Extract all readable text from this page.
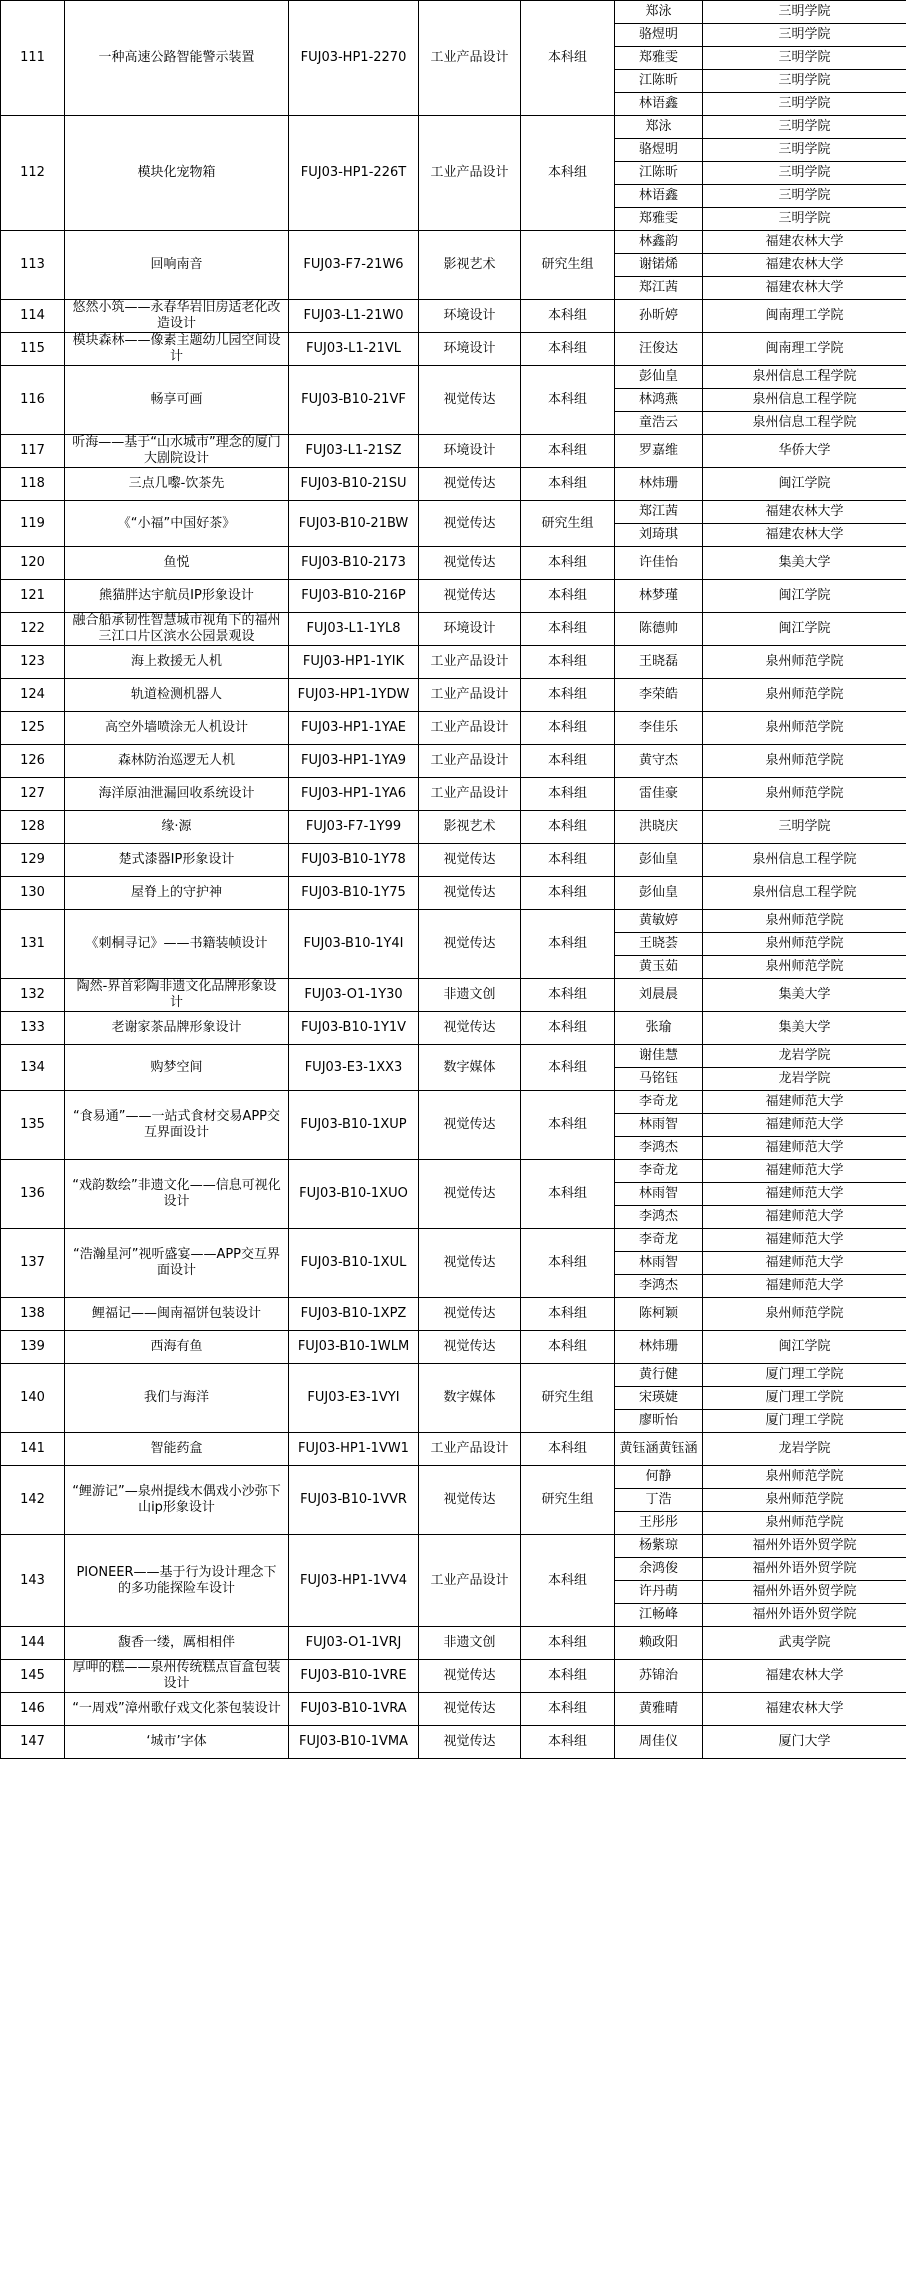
111	一种高速公路智能警示装置	FUJ03-HP1-2270	工业产品设计	本科组	郑泳	三明学院
					骆煜明	三明学院
					郑雅雯	三明学院
					江陈昕	三明学院
					林语鑫	三明学院
112	模块化宠物箱	FUJ03-HP1-226T	工业产品设计	本科组	郑泳	三明学院
					骆煜明	三明学院
					江陈昕	三明学院
					林语鑫	三明学院
					郑雅雯	三明学院
113	回响南音	FUJ03-F7-21W6	影视艺术	研究生组	林鑫韵	福建农林大学
					谢锘烯	福建农林大学
					郑江茜	福建农林大学
114	悠然小筑——永春华岩旧房适老化改造设计	FUJ03-L1-21W0	环境设计	本科组	孙昕婷	闽南理工学院
115	模块森林——像素主题幼儿园空间设计	FUJ03-L1-21VL	环境设计	本科组	汪俊达	闽南理工学院
116	畅享可画	FUJ03-B10-21VF	视觉传达	本科组	彭仙皇	泉州信息工程学院
					林鸿燕	泉州信息工程学院
					童浩云	泉州信息工程学院
117	听海——基于“山水城市”理念的厦门大剧院设计	FUJ03-L1-21SZ	环境设计	本科组	罗嘉维	华侨大学
118	三点几嚟-饮茶先	FUJ03-B10-21SU	视觉传达	本科组	林炜珊	闽江学院
119	《“小福”中国好茶》	FUJ03-B10-21BW	视觉传达	研究生组	郑江茜	福建农林大学
					刘琦琪	福建农林大学
120	鱼悦	FUJ03-B10-2173	视觉传达	本科组	许佳怡	集美大学
121	熊猫胖达宇航员IP形象设计	FUJ03-B10-216P	视觉传达	本科组	林梦瑾	闽江学院
122	融合船承韧性智慧城市视角下的福州三江口片区滨水公园景观设	FUJ03-L1-1YL8	环境设计	本科组	陈德帅	闽江学院
123	海上救援无人机	FUJ03-HP1-1YIK	工业产品设计	本科组	王晓磊	泉州师范学院
124	轨道检测机器人	FUJ03-HP1-1YDW	工业产品设计	本科组	李荣皓	泉州师范学院
125	高空外墙喷涂无人机设计	FUJ03-HP1-1YAE	工业产品设计	本科组	李佳乐	泉州师范学院
126	森林防治巡逻无人机	FUJ03-HP1-1YA9	工业产品设计	本科组	黄守杰	泉州师范学院
127	海洋原油泄漏回收系统设计	FUJ03-HP1-1YA6	工业产品设计	本科组	雷佳豪	泉州师范学院
128	缘·源	FUJ03-F7-1Y99	影视艺术	本科组	洪晓庆	三明学院
129	楚式漆器IP形象设计	FUJ03-B10-1Y78	视觉传达	本科组	彭仙皇	泉州信息工程学院
130	屋脊上的守护神	FUJ03-B10-1Y75	视觉传达	本科组	彭仙皇	泉州信息工程学院
131	《刺桐寻记》——书籍装帧设计	FUJ03-B10-1Y4I	视觉传达	本科组	黄敏婷	泉州师范学院
					王晓荟	泉州师范学院
					黄玉茹	泉州师范学院
132	陶然-界首彩陶非遗文化品牌形象设计	FUJ03-O1-1Y30	非遗文创	本科组	刘晨晨	集美大学
133	老谢家茶品牌形象设计	FUJ03-B10-1Y1V	视觉传达	本科组	张瑜	集美大学
134	购梦空间	FUJ03-E3-1XX3	数字媒体	本科组	谢佳慧	龙岩学院
					马铭钰	龙岩学院
135	“食易通”——一站式食材交易APP交互界面设计	FUJ03-B10-1XUP	视觉传达	本科组	李奇龙	福建师范大学
					林雨智	福建师范大学
					李鸿杰	福建师范大学
136	“戏韵数绘”非遗文化——信息可视化设计	FUJ03-B10-1XUO	视觉传达	本科组	李奇龙	福建师范大学
					林雨智	福建师范大学
					李鸿杰	福建师范大学
137	“浩瀚星河”视听盛宴——APP交互界面设计	FUJ03-B10-1XUL	视觉传达	本科组	李奇龙	福建师范大学
					林雨智	福建师范大学
					李鸿杰	福建师范大学
138	鲤福记——闽南福饼包装设计	FUJ03-B10-1XPZ	视觉传达	本科组	陈柯颖	泉州师范学院
139	西海有鱼	FUJ03-B10-1WLM	视觉传达	本科组	林炜珊	闽江学院
140	我们与海洋	FUJ03-E3-1VYI	数字媒体	研究生组	黄行健	厦门理工学院
					宋瑛婕	厦门理工学院
					廖昕怡	厦门理工学院
141	智能药盒	FUJ03-HP1-1VW1	工业产品设计	本科组	黄钰涵黄钰涵	龙岩学院
142	“鲤游记”—泉州提线木偶戏小沙弥下山ip形象设计	FUJ03-B10-1VVR	视觉传达	研究生组	何静	泉州师范学院
					丁浩	泉州师范学院
					王彤彤	泉州师范学院
143	PIONEER——基于行为设计理念下的多功能探险车设计	FUJ03-HP1-1VV4	工业产品设计	本科组	杨紫琼	福州外语外贸学院
					余鸿俊	福州外语外贸学院
					许丹萌	福州外语外贸学院
					江畅峰	福州外语外贸学院
144	馥香一缕，厲相相伴	FUJ03-O1-1VRJ	非遗文创	本科组	赖政阳	武夷学院
145	厚呷的糕——泉州传统糕点盲盒包装设计	FUJ03-B10-1VRE	视觉传达	本科组	苏锦治	福建农林大学
146	“一周戏”漳州歌仔戏文化茶包装设计	FUJ03-B10-1VRA	视觉传达	本科组	黄雅晴	福建农林大学
147	‘城市’字体	FUJ03-B10-1VMA	视觉传达	本科组	周佳仪	厦门大学
